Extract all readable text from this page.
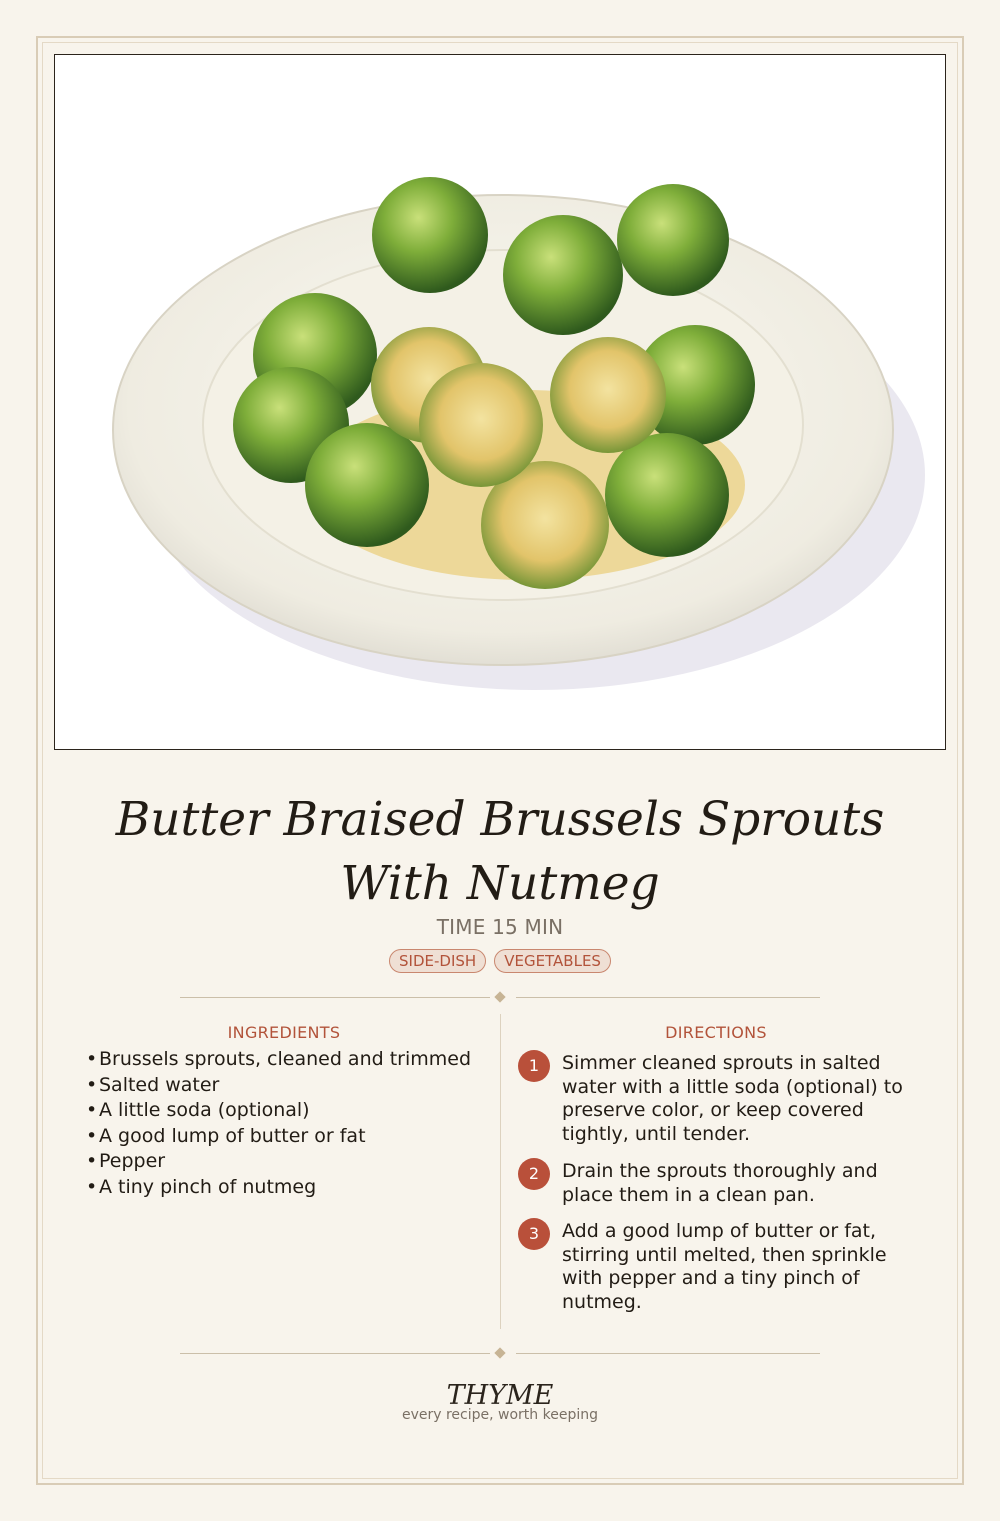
Butter Braised Brussels Sprouts With Nutmeg
TIME 15 MIN
SIDE-DISH	VEGETABLES
INGREDIENTS	DIRECTIONS
•Brussels sprouts, cleaned and trimmed
•Salted water
•A little soda (optional)
•A good lump of butter or fat
•Pepper
•A tiny pinch of nutmeg
1	Simmer cleaned sprouts in salted water with a little soda (optional) to preserve color, or keep covered tightly, until tender.
2	Drain the sprouts thoroughly and place them in a clean pan.
3	Add a good lump of butter or fat, stirring until melted, then sprinkle with pepper and a tiny pinch of nutmeg.
THYME
every recipe, worth keeping
